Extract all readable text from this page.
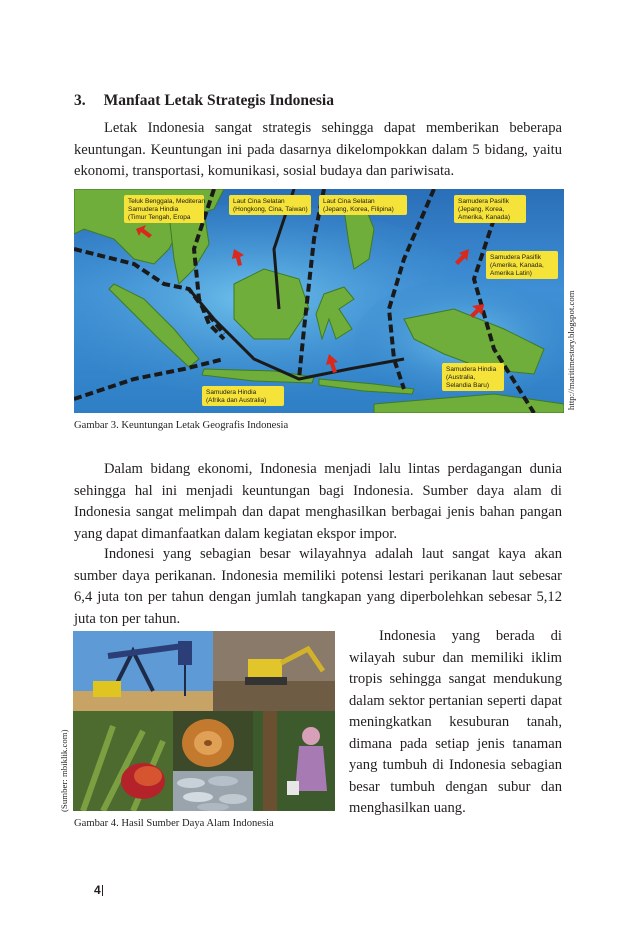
3. Manfaat Letak Strategis Indonesia

Letak Indonesia sangat strategis sehingga dapat memberikan beberapa keuntungan. Keuntungan ini pada dasarnya dikelompokkan dalam 5 bidang, yaitu ekonomi, transportasi, komunikasi, sosial budaya dan pariwisata.

Teluk Benggala, Mediteran
Samudera Hindia
(Timur Tengah, Eropa
Laut Cina Selatan
(Hongkong, Cina, Taiwan)
Laut Cina Selatan
(Jepang, Korea, Filipina)
Samudera Pasifik
(Jepang, Korea,
Amerika, Kanada)
Samudera Pasifik
(Amerika, Kanada,
Amerika Latin)
Samudera Hindia
(Afrika dan Australia)
Samudera Hindia
(Australia,
Selandia Baru)	http://maritimestory.blogspot.com
Gambar 3. Keuntungan Letak Geografis Indonesia

Dalam bidang ekonomi, Indonesia menjadi lalu lintas perdagangan dunia sehingga hal ini menjadi keuntungan bagi Indonesia. Sumber daya alam di Indonesia sangat melimpah dan dapat menghasilkan berbagai jenis bahan pangan yang dapat dimanfaatkan dalam kegiatan ekspor impor.

Indonesi yang sebagian besar wilayahnya adalah laut sangat kaya akan sumber daya perikanan. Indonesia memiliki potensi lestari perikanan laut sebesar 6,4 juta ton per tahun dengan jumlah tangkapan yang diperbolehkan sebesar 5,12 juta ton per tahun.

(Sumber: mbiklik.com)
Gambar 4. Hasil Sumber Daya Alam Indonesia

Indonesia yang berada di wilayah subur dan memiliki iklim tropis sehingga sangat mendukung dalam sektor pertanian seperti dapat meningkatkan kesuburan tanah, dimana pada setiap jenis tanaman yang tumbuh di Indonesia sebagian besar tumbuh dengan subur dan menghasilkan uang.

4
